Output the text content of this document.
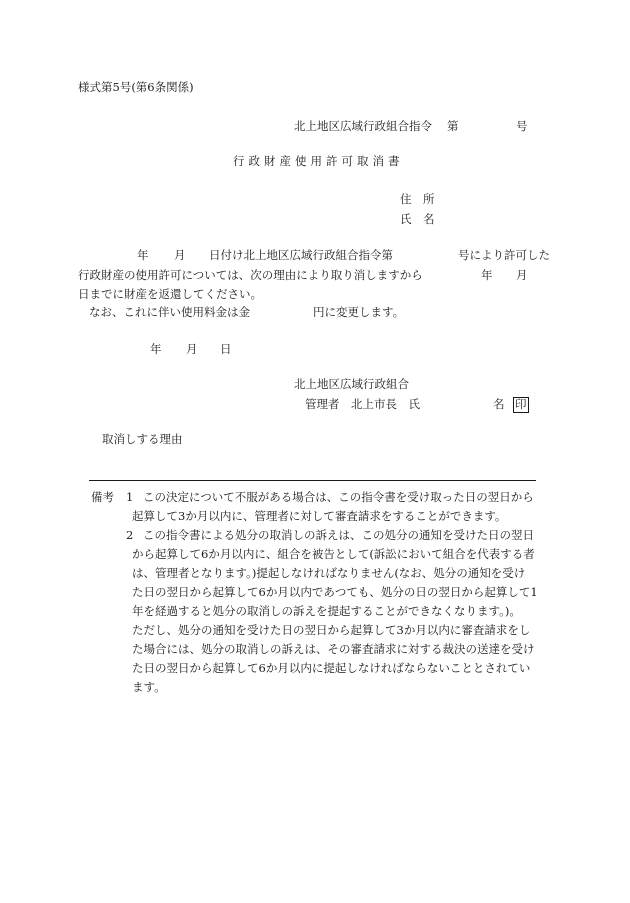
様式第5号(第6条関係)
北上地区広域行政組合指令 第	号
行政財産使用許可取消書
住　所
氏　名
年 月 日付け北上地区広域行政組合指令第	号により許可した
行政財産の使用許可については、次の理由により取り消しますから	年 月
日までに財産を返還してください。
なお、これに伴い使用料金は金	円に変更します。
年 月 日
北上地区広域行政組合
管理者　北上市長　氏	名 印
取消しする理由
備考 1 この決定について不服がある場合は、この指令書を受け取った日の翌日から
起算して3か月以内に、管理者に対して審査請求をすることができます。
2 この指令書による処分の取消しの訴えは、この処分の通知を受けた日の翌日
から起算して6か月以内に、組合を被告として(訴訟において組合を代表する者
は、管理者となります。)提起しなければなりません(なお、処分の通知を受け
た日の翌日から起算して6か月以内であつても、処分の日の翌日から起算して1
年を経過すると処分の取消しの訴えを提起することができなくなります。)。
ただし、処分の通知を受けた日の翌日から起算して3か月以内に審査請求をし
た場合には、処分の取消しの訴えは、その審査請求に対する裁決の送達を受け
た日の翌日から起算して6か月以内に提起しなければならないこととされてい
ます。
